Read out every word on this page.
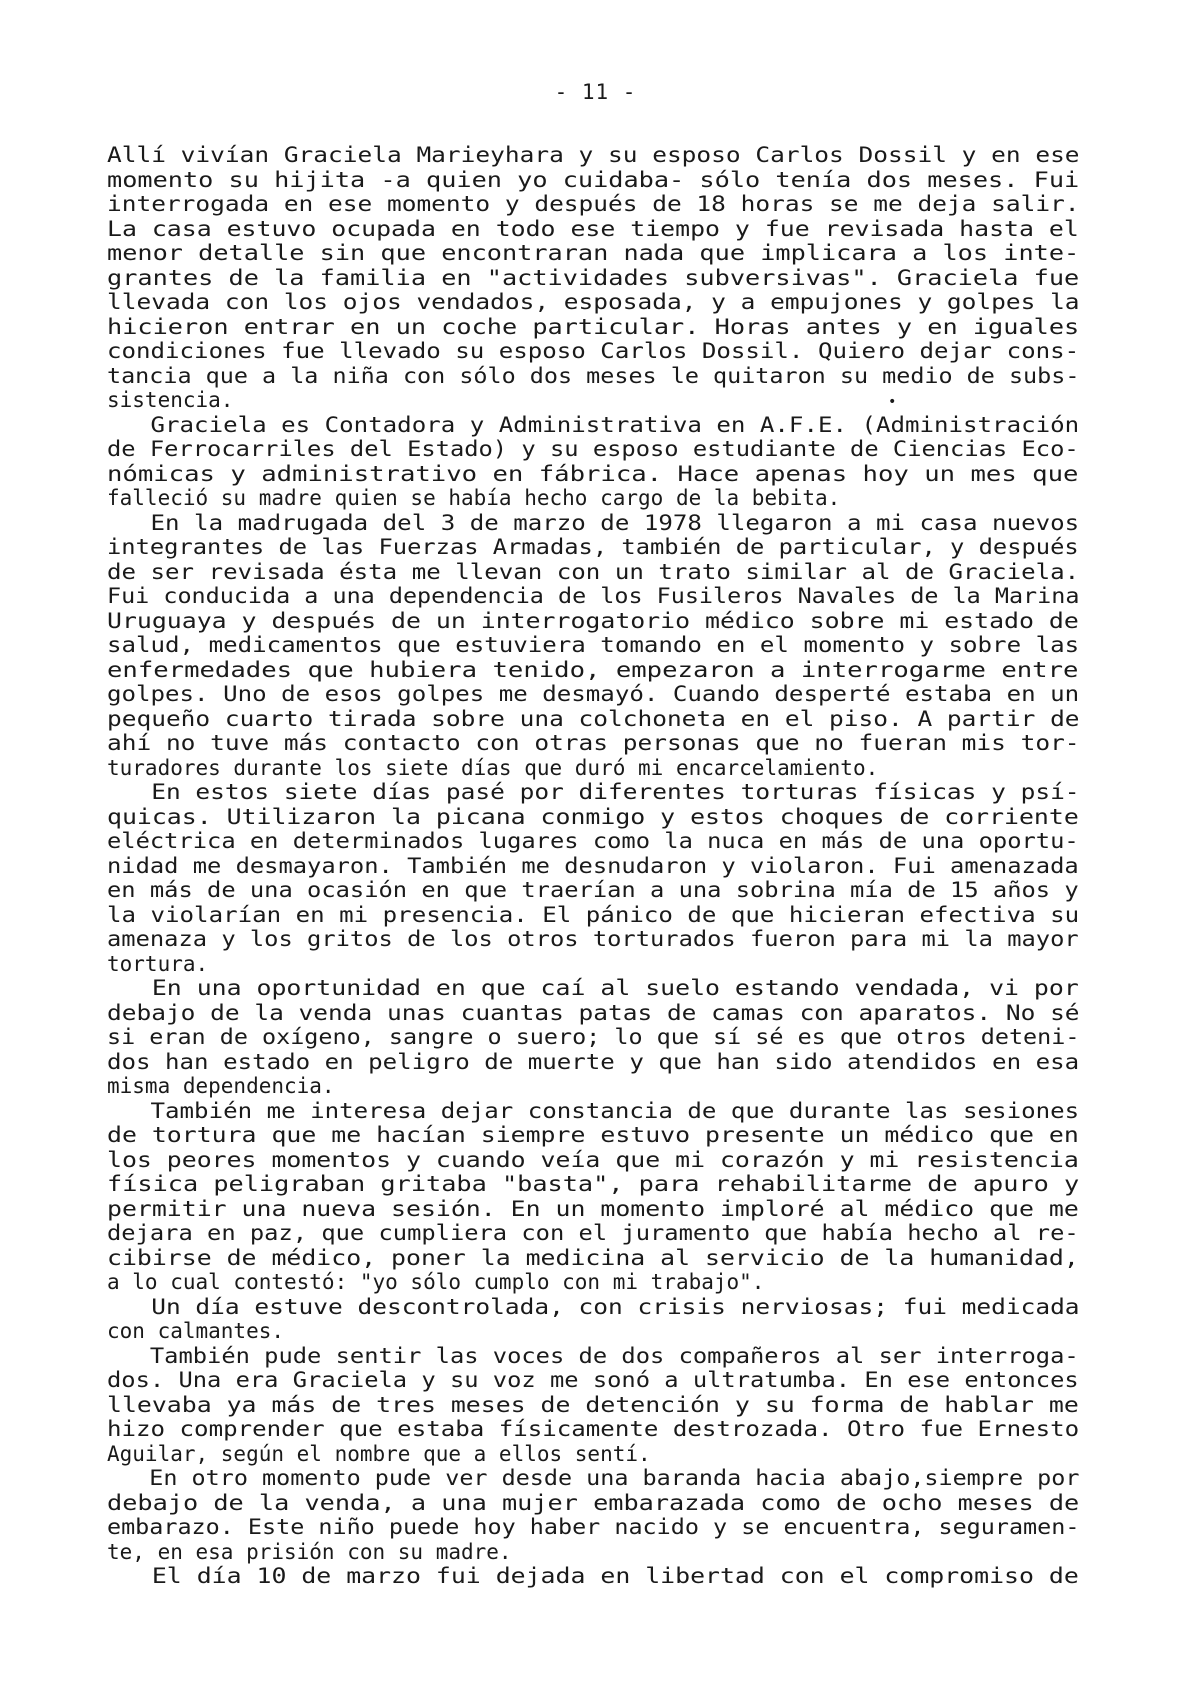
- 11 -
Allí vivían Graciela Marieyhara y su esposo Carlos Dossil y en ese
momento su hijita -a quien yo cuidaba- sólo tenía dos meses. Fui
interrogada en ese momento y después de 18 horas se me deja salir.
La casa estuvo ocupada en todo ese tiempo y fue revisada hasta el
menor detalle sin que encontraran nada que implicara a los inte-
grantes de la familia en "actividades subversivas". Graciela fue
llevada con los ojos vendados, esposada, y a empujones y golpes la
hicieron entrar en un coche particular. Horas antes y en iguales
condiciones fue llevado su esposo Carlos Dossil. Quiero dejar cons-
tancia que a la niña con sólo dos meses le quitaron su medio de subs-
sistencia.
Graciela es Contadora y Administrativa en A.F.E. (Administración
de Ferrocarriles del Estado) y su esposo estudiante de Ciencias Eco-
nómicas y administrativo en fábrica. Hace apenas hoy un mes que
falleció su madre quien se había hecho cargo de la bebita.
En la madrugada del 3 de marzo de 1978 llegaron a mi casa nuevos
integrantes de las Fuerzas Armadas, también de particular, y después
de ser revisada ésta me llevan con un trato similar al de Graciela.
Fui conducida a una dependencia de los Fusileros Navales de la Marina
Uruguaya y después de un interrogatorio médico sobre mi estado de
salud, medicamentos que estuviera tomando en el momento y sobre las
enfermedades que hubiera tenido, empezaron a interrogarme entre
golpes. Uno de esos golpes me desmayó. Cuando desperté estaba en un
pequeño cuarto tirada sobre una colchoneta en el piso. A partir de
ahí no tuve más contacto con otras personas que no fueran mis tor-
turadores durante los siete días que duró mi encarcelamiento.
En estos siete días pasé por diferentes torturas físicas y psí-
quicas. Utilizaron la picana conmigo y estos choques de corriente
eléctrica en determinados lugares como la nuca en más de una oportu-
nidad me desmayaron. También me desnudaron y violaron. Fui amenazada
en más de una ocasión en que traerían a una sobrina mía de 15 años y
la violarían en mi presencia. El pánico de que hicieran efectiva su
amenaza y los gritos de los otros torturados fueron para mi la mayor
tortura.
En una oportunidad en que caí al suelo estando vendada, vi por
debajo de la venda unas cuantas patas de camas con aparatos. No sé
si eran de oxígeno, sangre o suero; lo que sí sé es que otros deteni-
dos han estado en peligro de muerte y que han sido atendidos en esa
misma dependencia.
También me interesa dejar constancia de que durante las sesiones
de tortura que me hacían siempre estuvo presente un médico que en
los peores momentos y cuando veía que mi corazón y mi resistencia
física peligraban gritaba "basta", para rehabilitarme de apuro y
permitir una nueva sesión. En un momento imploré al médico que me
dejara en paz, que cumpliera con el juramento que había hecho al re-
cibirse de médico, poner la medicina al servicio de la humanidad,
a lo cual contestó: "yo sólo cumplo con mi trabajo".
Un día estuve descontrolada, con crisis nerviosas; fui medicada
con calmantes.
También pude sentir las voces de dos compañeros al ser interroga-
dos. Una era Graciela y su voz me sonó a ultratumba. En ese entonces
llevaba ya más de tres meses de detención y su forma de hablar me
hizo comprender que estaba físicamente destrozada. Otro fue Ernesto
Aguilar, según el nombre que a ellos sentí.
En otro momento pude ver desde una baranda hacia abajo,siempre por
debajo de la venda, a una mujer embarazada como de ocho meses de
embarazo. Este niño puede hoy haber nacido y se encuentra, seguramen-
te, en esa prisión con su madre.
El día 10 de marzo fui dejada en libertad con el compromiso de
•
